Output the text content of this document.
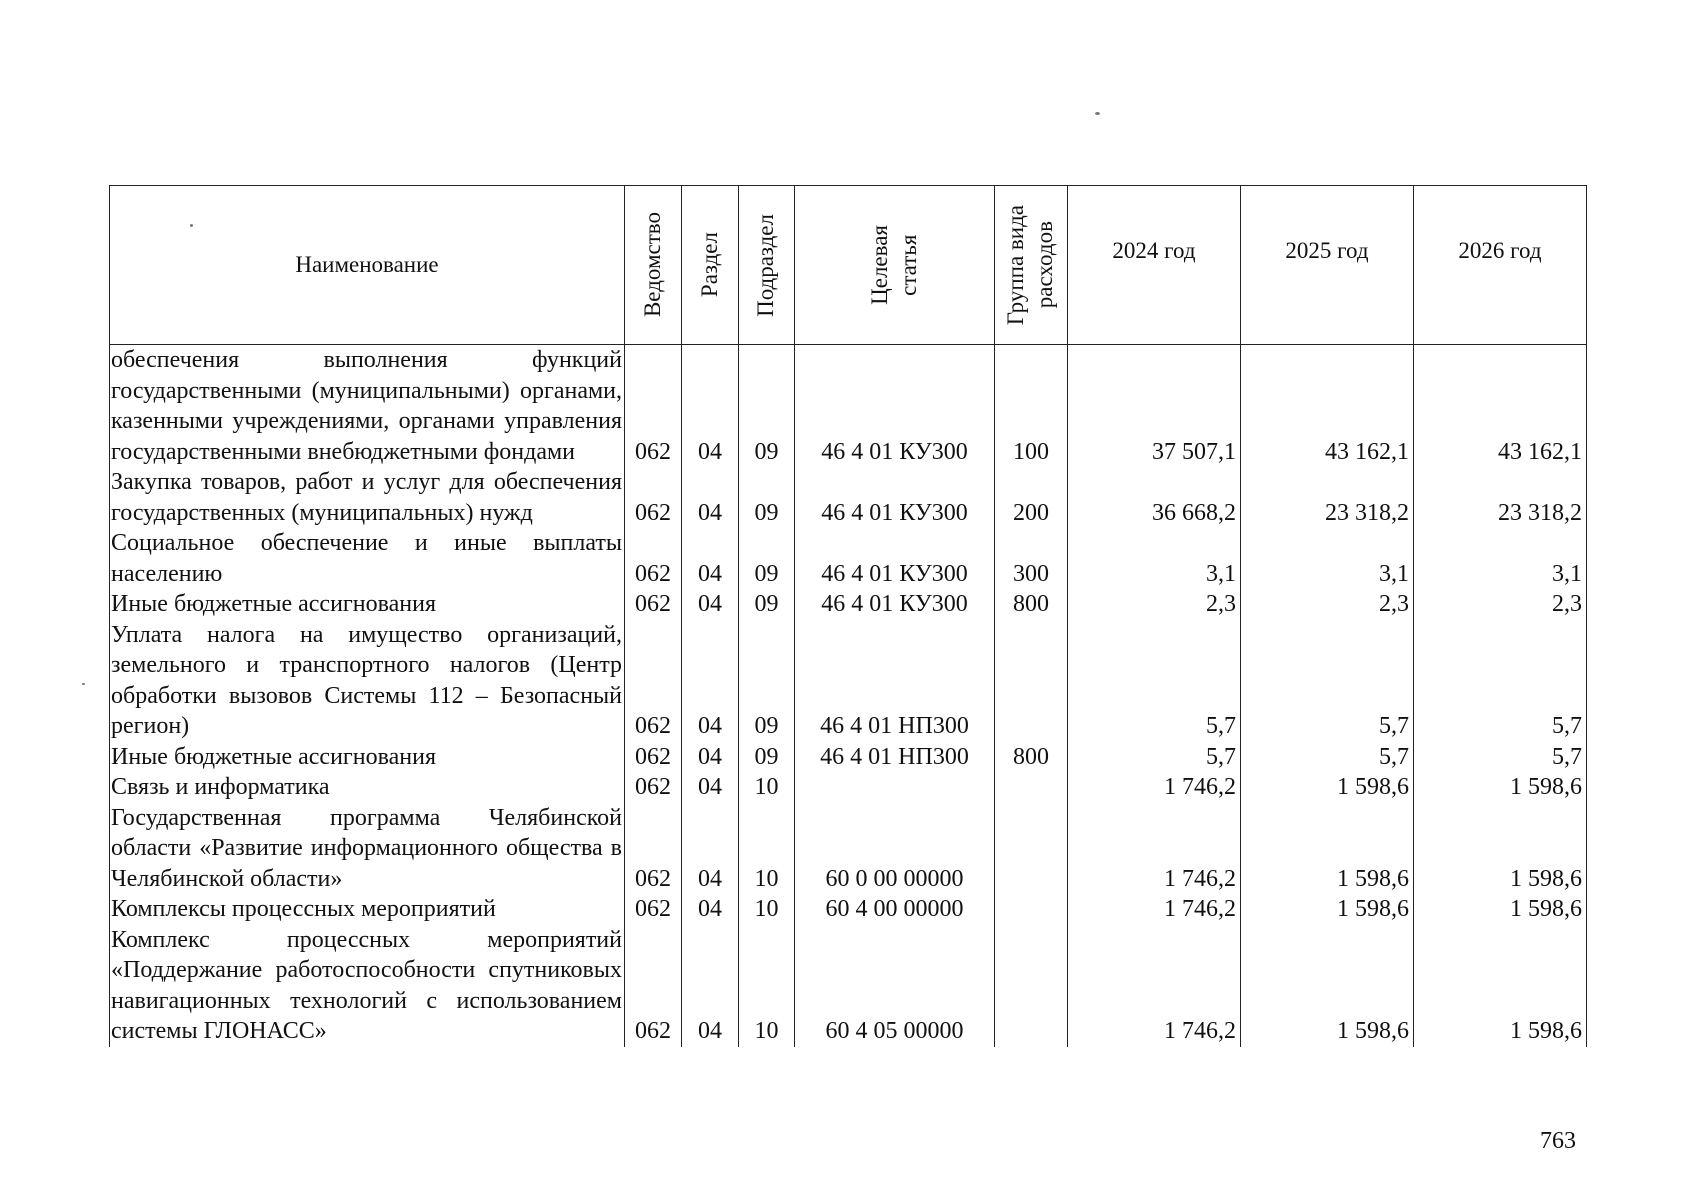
Наименование	Ведомство	Раздел	Подраздел	Целевая статья	Группа вида расходов	2024 год	2025 год	2026 год

обеспечения выполнения функций государственными (муниципальными) органами, казенными учреждениями, органами управления государственными внебюджетными фондами	062	04	09	46 4 01 КУ300	100	37 507,1	43 162,1	43 162,1
Закупка товаров, работ и услуг для обеспечения государственных (муниципальных) нужд	062	04	09	46 4 01 КУ300	200	36 668,2	23 318,2	23 318,2
Социальное обеспечение и иные выплаты населению	062	04	09	46 4 01 КУ300	300	3,1	3,1	3,1
Иные бюджетные ассигнования	062	04	09	46 4 01 КУ300	800	2,3	2,3	2,3
Уплата налога на имущество организаций, земельного и транспортного налогов (Центр обработки вызовов Системы 112 – Безопасный регион)	062	04	09	46 4 01 НП300		5,7	5,7	5,7
Иные бюджетные ассигнования	062	04	09	46 4 01 НП300	800	5,7	5,7	5,7
Связь и информатика	062	04	10			1 746,2	1 598,6	1 598,6
Государственная программа Челябинской области «Развитие информационного общества в Челябинской области»	062	04	10	60 0 00 00000		1 746,2	1 598,6	1 598,6
Комплексы процессных мероприятий	062	04	10	60 4 00 00000		1 746,2	1 598,6	1 598,6
Комплекс процессных мероприятий «Поддержание работоспособности спутниковых навигационных технологий с использованием системы ГЛОНАСС»	062	04	10	60 4 05 00000		1 746,2	1 598,6	1 598,6
763
